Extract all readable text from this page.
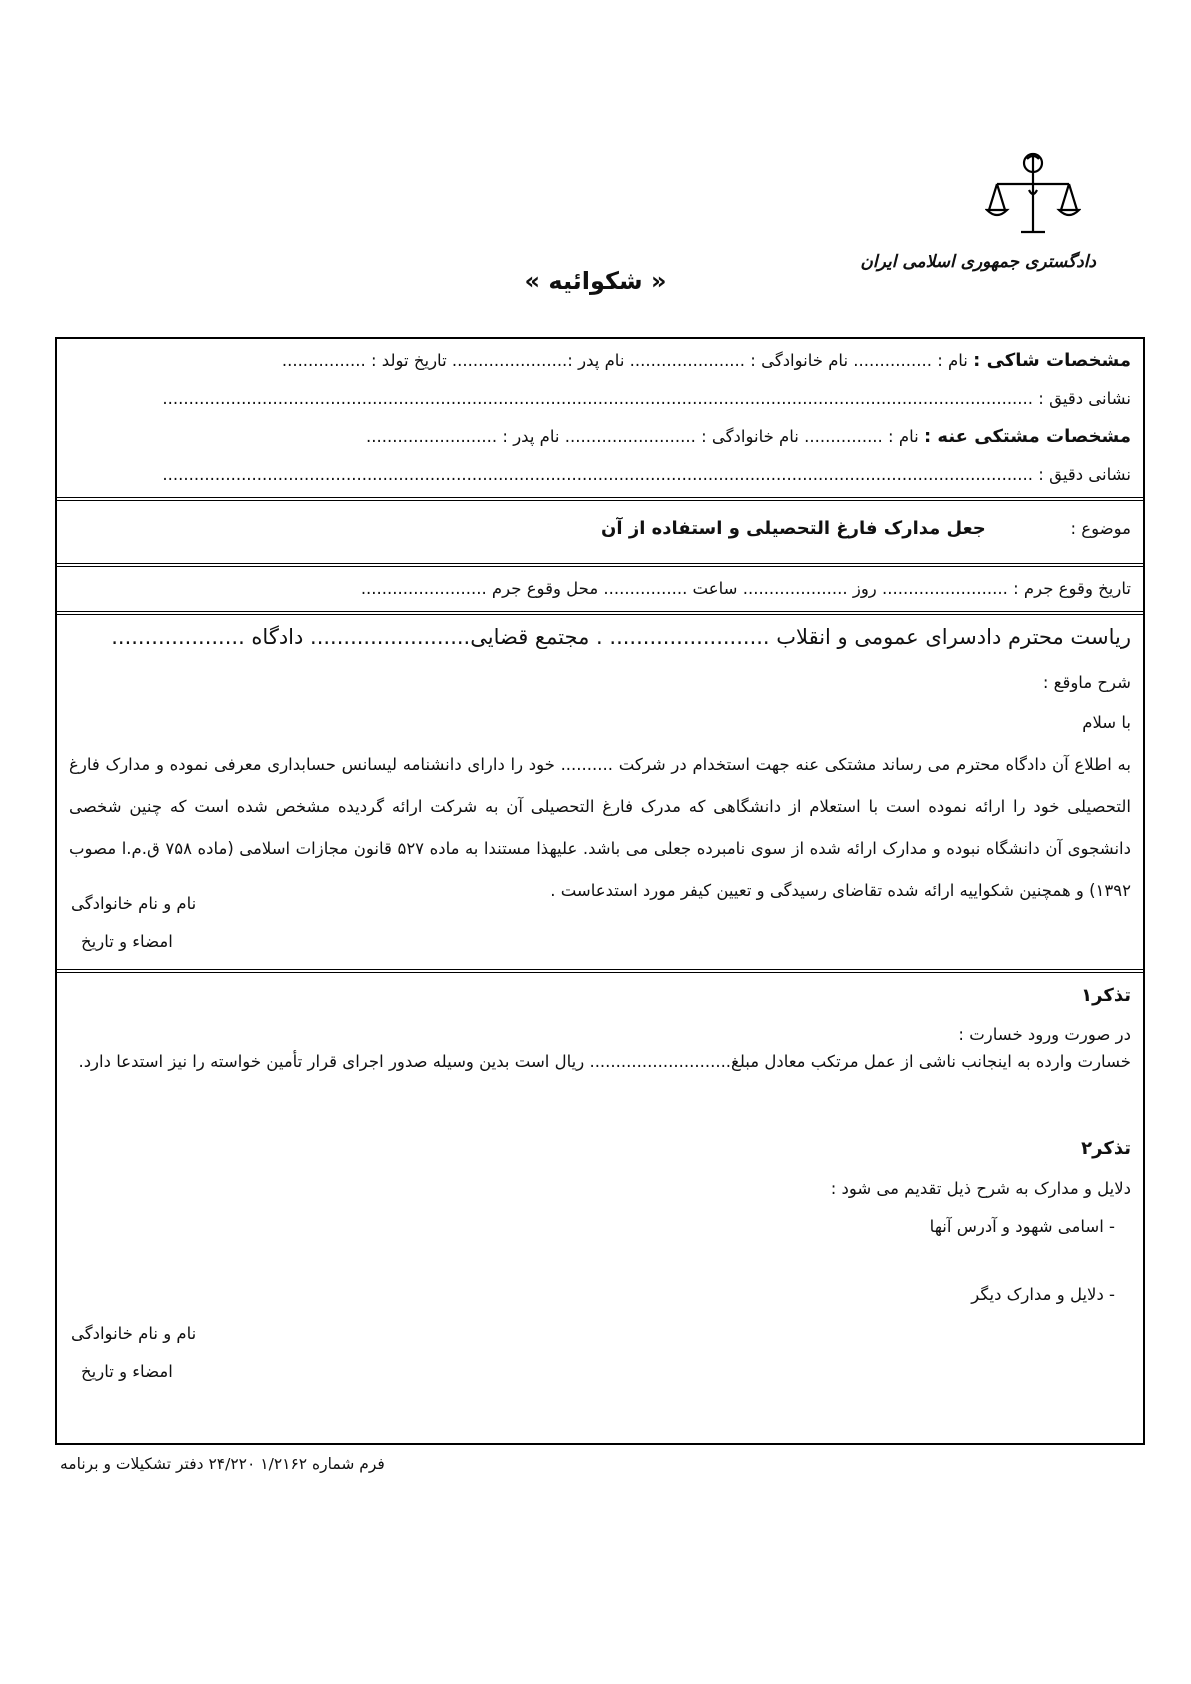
دادگستری جمهوری اسلامی ایران
« شکوائیه »
مشخصات شاکی : نام : ............... نام خانوادگی : ...................... نام پدر :...................... تاریخ تولد : ................
نشانی دقیق : ......................................................................................................................................................................
مشخصات مشتکی عنه : نام : ............... نام خانوادگی : ......................... نام پدر : .........................
نشانی دقیق : ......................................................................................................................................................................
موضوع : جعل مدارک فارغ التحصیلی و استفاده از آن
تاریخ وقوع جرم : ........................ روز .................... ساعت ................ محل وقوع جرم ........................
ریاست محترم دادسرای عمومی و انقلاب ........................ . مجتمع قضایی........................ دادگاه ....................
شرح ماوقع :
با سلام
به اطلاع آن دادگاه محترم می رساند مشتکی عنه جهت استخدام در شرکت .......... خود را دارای دانشنامه لیسانس حسابداری معرفی نموده و مدارک فارغ التحصیلی خود را ارائه نموده است با استعلام از دانشگاهی که مدرک فارغ التحصیلی آن به شرکت ارائه گردیده مشخص شده است که چنین شخصی دانشجوی آن دانشگاه نبوده و مدارک ارائه شده از سوی نامبرده جعلی می باشد. علیهذا مستندا به ماده ۵۲۷ قانون مجازات اسلامی (ماده ۷۵۸ ق.م.ا مصوب ۱۳۹۲) و همچنین شکواییه ارائه شده تقاضای رسیدگی و تعیین کیفر مورد استدعاست .
نام و نام خانوادگی
امضاء و تاریخ
تذکر۱
در صورت ورود خسارت :
خسارت وارده به اینجانب ناشی از عمل مرتکب معادل مبلغ........................... ریال است بدین وسیله صدور اجرای قرار تأمین خواسته را نیز استدعا دارد.
تذکر۲
دلایل و مدارک به شرح ذیل تقدیم می شود :
- اسامی شهود و آدرس آنها
- دلایل و مدارک دیگر
نام و نام خانوادگی
امضاء و تاریخ
فرم شماره ۱/۲۱۶۲ ۲۴/۲۲۰ دفتر تشکیلات و برنامه
